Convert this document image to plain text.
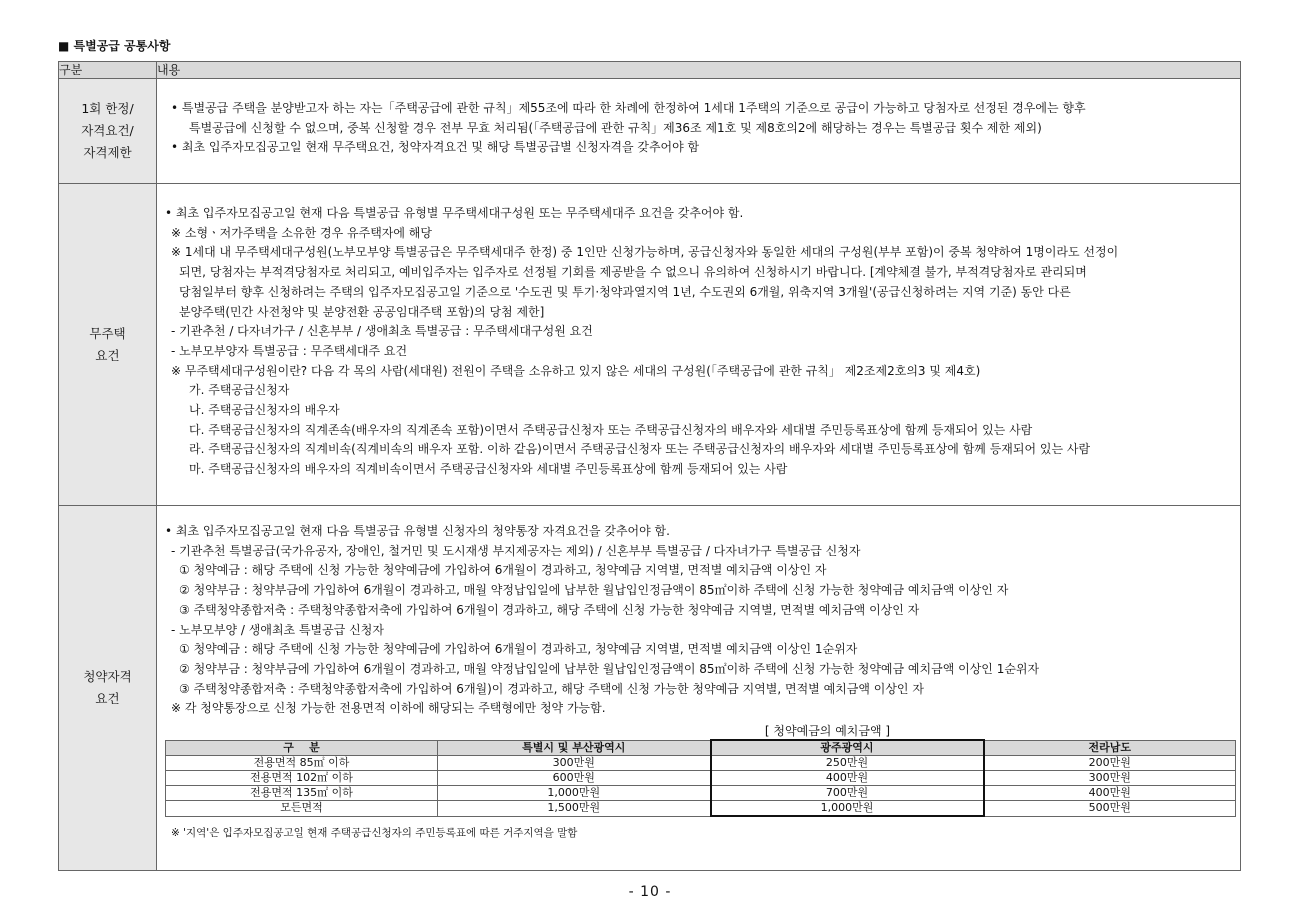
■ 특별공급 공통사항
구분	내용

1회 한정/
자격요건/
자격제한

• 특별공급 주택을 분양받고자 하는 자는「주택공급에 관한 규칙」제55조에 따라 한 차례에 한정하여 1세대 1주택의 기준으로 공급이 가능하고 당첨자로 선정된 경우에는 향후
특별공급에 신청할 수 없으며, 중복 신청할 경우 전부 무효 처리됨(「주택공급에 관한 규칙」제36조 제1호 및 제8호의2에 해당하는 경우는 특별공급 횟수 제한 제외)
• 최초 입주자모집공고일 현재 무주택요건, 청약자격요건 및 해당 특별공급별 신청자격을 갖추어야 함

무주택
요건

• 최초 입주자모집공고일 현재 다음 특별공급 유형별 무주택세대구성원 또는 무주택세대주 요건을 갖추어야 함.
※ 소형ㆍ저가주택을 소유한 경우 유주택자에 해당
※ 1세대 내 무주택세대구성원(노부모부양 특별공급은 무주택세대주 한정) 중 1인만 신청가능하며, 공급신청자와 동일한 세대의 구성원(부부 포함)이 중복 청약하여 1명이라도 선정이
되면, 당첨자는 부적격당첨자로 처리되고, 예비입주자는 입주자로 선정될 기회를 제공받을 수 없으니 유의하여 신청하시기 바랍니다. [계약체결 불가, 부적격당첨자로 관리되며
당첨일부터 향후 신청하려는 주택의 입주자모집공고일 기준으로 '수도권 및 투기·청약과열지역 1년, 수도권외 6개월, 위축지역 3개월'(공급신청하려는 지역 기준) 동안 다른
분양주택(민간 사전청약 및 분양전환 공공임대주택 포함)의 당첨 제한]
- 기관추천 / 다자녀가구 / 신혼부부 / 생애최초 특별공급 : 무주택세대구성원 요건
- 노부모부양자 특별공급 : 무주택세대주 요건
※ 무주택세대구성원이란? 다음 각 목의 사람(세대원) 전원이 주택을 소유하고 있지 않은 세대의 구성원(「주택공급에 관한 규칙」 제2조제2호의3 및 제4호)
가. 주택공급신청자
나. 주택공급신청자의 배우자
다. 주택공급신청자의 직계존속(배우자의 직계존속 포함)이면서 주택공급신청자 또는 주택공급신청자의 배우자와 세대별 주민등록표상에 함께 등재되어 있는 사람
라. 주택공급신청자의 직계비속(직계비속의 배우자 포함. 이하 같음)이면서 주택공급신청자 또는 주택공급신청자의 배우자와 세대별 주민등록표상에 함께 등재되어 있는 사람
마. 주택공급신청자의 배우자의 직계비속이면서 주택공급신청자와 세대별 주민등록표상에 함께 등재되어 있는 사람

청약자격
요건

• 최초 입주자모집공고일 현재 다음 특별공급 유형별 신청자의 청약통장 자격요건을 갖추어야 함.
- 기관추천 특별공급(국가유공자, 장애인, 철거민 및 도시재생 부지제공자는 제외) / 신혼부부 특별공급 / 다자녀가구 특별공급 신청자
① 청약예금 : 해당 주택에 신청 가능한 청약예금에 가입하여 6개월이 경과하고, 청약예금 지역별, 면적별 예치금액 이상인 자
② 청약부금 : 청약부금에 가입하여 6개월이 경과하고, 매월 약정납입일에 납부한 월납입인정금액이 85㎡이하 주택에 신청 가능한 청약예금 예치금액 이상인 자
③ 주택청약종합저축 : 주택청약종합저축에 가입하여 6개월이 경과하고, 해당 주택에 신청 가능한 청약예금 지역별, 면적별 예치금액 이상인 자
- 노부모부양 / 생애최초 특별공급 신청자
① 청약예금 : 해당 주택에 신청 가능한 청약예금에 가입하여 6개월이 경과하고, 청약예금 지역별, 면적별 예치금액 이상인 1순위자
② 청약부금 : 청약부금에 가입하여 6개월이 경과하고, 매월 약정납입일에 납부한 월납입인정금액이 85㎡이하 주택에 신청 가능한 청약예금 예치금액 이상인 1순위자
③ 주택청약종합저축 : 주택청약종합저축에 가입하여 6개월)이 경과하고, 해당 주택에 신청 가능한 청약예금 지역별, 면적별 예치금액 이상인 자
※ 각 청약통장으로 신청 가능한 전용면적 이하에 해당되는 주택형에만 청약 가능함.
[ 청약예금의 예치금액 ]
구    분	특별시 및 부산광역시	광주광역시	전라남도
전용면적 85㎡ 이하	300만원	250만원	200만원
전용면적 102㎡ 이하	600만원	400만원	300만원
전용면적 135㎡ 이하	1,000만원	700만원	400만원
모든면적	1,500만원	1,000만원	500만원
※ '지역'은 입주자모집공고일 현재 주택공급신청자의 주민등록표에 따른 거주지역을 말함
- 10 -
